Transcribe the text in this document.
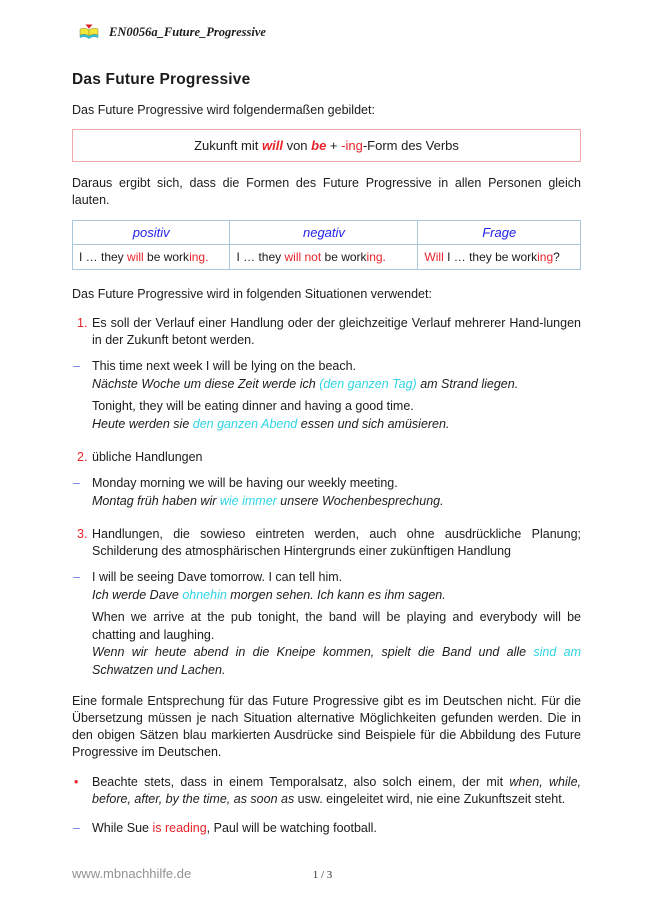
EN0056a_Future_Progressive
Das Future Progressive

Das Future Progressive wird folgendermaßen gebildet:

Zukunft mit will von be + -ing-Form des Verbs

Daraus ergibt sich, dass die Formen des Future Progressive in allen Personen gleich lauten.

positiv	negativ	Frage
I … they will be working.	I … they will not be working.	Will I … they be working?

Das Future Progressive wird in folgenden Situationen verwendet:

1. Es soll der Verlauf einer Handlung oder der gleichzeitige Verlauf mehrerer Hand-lungen in der Zukunft betont werden.
– This time next week I will be lying on the beach.
Nächste Woche um diese Zeit werde ich (den ganzen Tag) am Strand liegen.
Tonight, they will be eating dinner and having a good time.
Heute werden sie den ganzen Abend essen und sich amüsieren.
2. übliche Handlungen
– Monday morning we will be having our weekly meeting.
Montag früh haben wir wie immer unsere Wochenbesprechung.
3. Handlungen, die sowieso eintreten werden, auch ohne ausdrückliche Planung; Schilderung des atmosphärischen Hintergrunds einer zukünftigen Handlung
– I will be seeing Dave tomorrow. I can tell him.
Ich werde Dave ohnehin morgen sehen. Ich kann es ihm sagen.
When we arrive at the pub tonight, the band will be playing and everybody will be chatting and laughing.
Wenn wir heute abend in die Kneipe kommen, spielt die Band und alle sind am Schwatzen und Lachen.

Eine formale Entsprechung für das Future Progressive gibt es im Deutschen nicht. Für die Übersetzung müssen je nach Situation alternative Möglichkeiten gefunden werden. Die in den obigen Sätzen blau markierten Ausdrücke sind Beispiele für die Abbildung des Future Progressive im Deutschen.

•	Beachte stets, dass in einem Temporalsatz, also solch einem, der mit when, while, before, after, by the time, as soon as usw. eingeleitet wird, nie eine Zukunftszeit steht.
– While Sue is reading, Paul will be watching football.
www.mbnachhilfe.de	1 / 3
